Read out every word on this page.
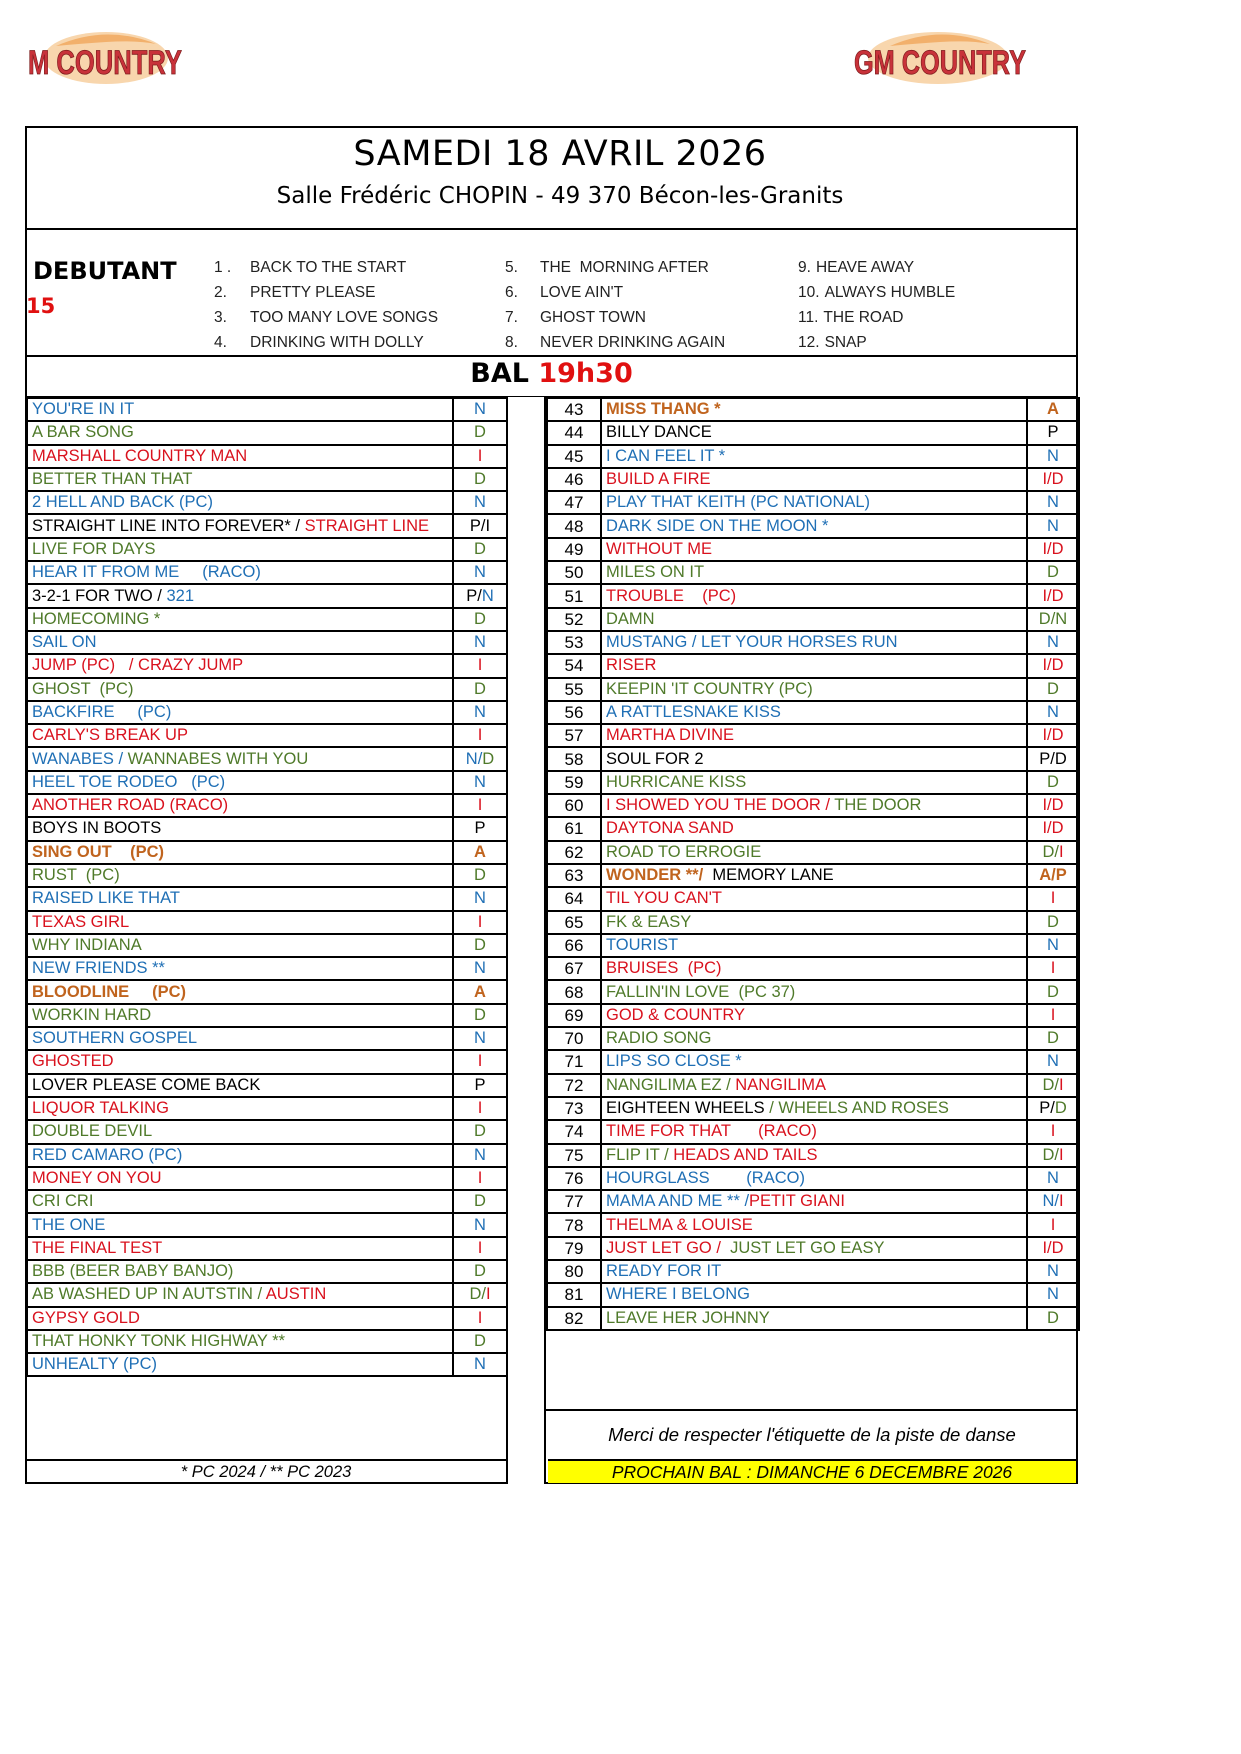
M COUNTRY	GM COUNTRY
SAMEDI 18 AVRIL 2026
Salle Frédéric CHOPIN - 49 370 Bécon-les-Granits
DEBUTANT
15
1 . BACK TO THE START
2. PRETTY PLEASE
3. TOO MANY LOVE SONGS
4. DRINKING WITH DOLLY
5. THE  MORNING AFTER
6. LOVE AIN'T
7. GHOST TOWN
8. NEVER DRINKING AGAIN
9. HEAVE AWAY
10. ALWAYS HUMBLE
11. THE ROAD
12. SNAP
BAL 19h30
YOU'RE IN IT	N
A BAR SONG	D
MARSHALL COUNTRY MAN	I
BETTER THAN THAT	D
2 HELL AND BACK (PC)	N
STRAIGHT LINE INTO FOREVER* / STRAIGHT LINE	P/I
LIVE FOR DAYS	D
HEAR IT FROM ME     (RACO)	N
3-2-1 FOR TWO / 321	P/N
HOMECOMING *	D
SAIL ON	N
JUMP (PC)   / CRAZY JUMP	I
GHOST  (PC)	D
BACKFIRE     (PC)	N
CARLY'S BREAK UP	I
WANABES / WANNABES WITH YOU	N/D
HEEL TOE RODEO   (PC)	N
ANOTHER ROAD (RACO)	I
BOYS IN BOOTS	P
SING OUT    (PC)	A
RUST  (PC)	D
RAISED LIKE THAT	N
TEXAS GIRL	I
WHY INDIANA	D
NEW FRIENDS **	N
BLOODLINE     (PC)	A
WORKIN HARD	D
SOUTHERN GOSPEL	N
GHOSTED	I
LOVER PLEASE COME BACK	P
LIQUOR TALKING	I
DOUBLE DEVIL	D
RED CAMARO (PC)	N
MONEY ON YOU	I
CRI CRI	D
THE ONE	N
THE FINAL TEST	I
BBB (BEER BABY BANJO)	D
AB WASHED UP IN AUTSTIN / AUSTIN	D/I
GYPSY GOLD	I
THAT HONKY TONK HIGHWAY **	D
UNHEALTY (PC)	N
* PC 2024 / ** PC 2023
43	MISS THANG *	A
44	BILLY DANCE	P
45	I CAN FEEL IT *	N
46	BUILD A FIRE	I/D
47	PLAY THAT KEITH (PC NATIONAL)	N
48	DARK SIDE ON THE MOON *	N
49	WITHOUT ME	I/D
50	MILES ON IT	D
51	TROUBLE    (PC)	I/D
52	DAMN	D/N
53	MUSTANG / LET YOUR HORSES RUN	N
54	RISER	I/D
55	KEEPIN 'IT COUNTRY (PC)	D
56	A RATTLESNAKE KISS	N
57	MARTHA DIVINE	I/D
58	SOUL FOR 2	P/D
59	HURRICANE KISS	D
60	I SHOWED YOU THE DOOR / THE DOOR	I/D
61	DAYTONA SAND	I/D
62	ROAD TO ERROGIE	D/I
63	WONDER **/  MEMORY LANE	A/P
64	TIL YOU CAN'T	I
65	FK & EASY	D
66	TOURIST	N
67	BRUISES  (PC)	I
68	FALLIN'IN LOVE  (PC 37)	D
69	GOD & COUNTRY	I
70	RADIO SONG	D
71	LIPS SO CLOSE *	N
72	NANGILIMA EZ / NANGILIMA	D/I
73	EIGHTEEN WHEELS / WHEELS AND ROSES	P/D
74	TIME FOR THAT      (RACO)	I
75	FLIP IT / HEADS AND TAILS	D/I
76	HOURGLASS        (RACO)	N
77	MAMA AND ME ** /PETIT GIANI	N/I
78	THELMA & LOUISE	I
79	JUST LET GO /  JUST LET GO EASY	I/D
80	READY FOR IT	N
81	WHERE I BELONG	N
82	LEAVE HER JOHNNY	D
Merci de respecter l'étiquette de la piste de danse
PROCHAIN BAL : DIMANCHE 6 DECEMBRE 2026
